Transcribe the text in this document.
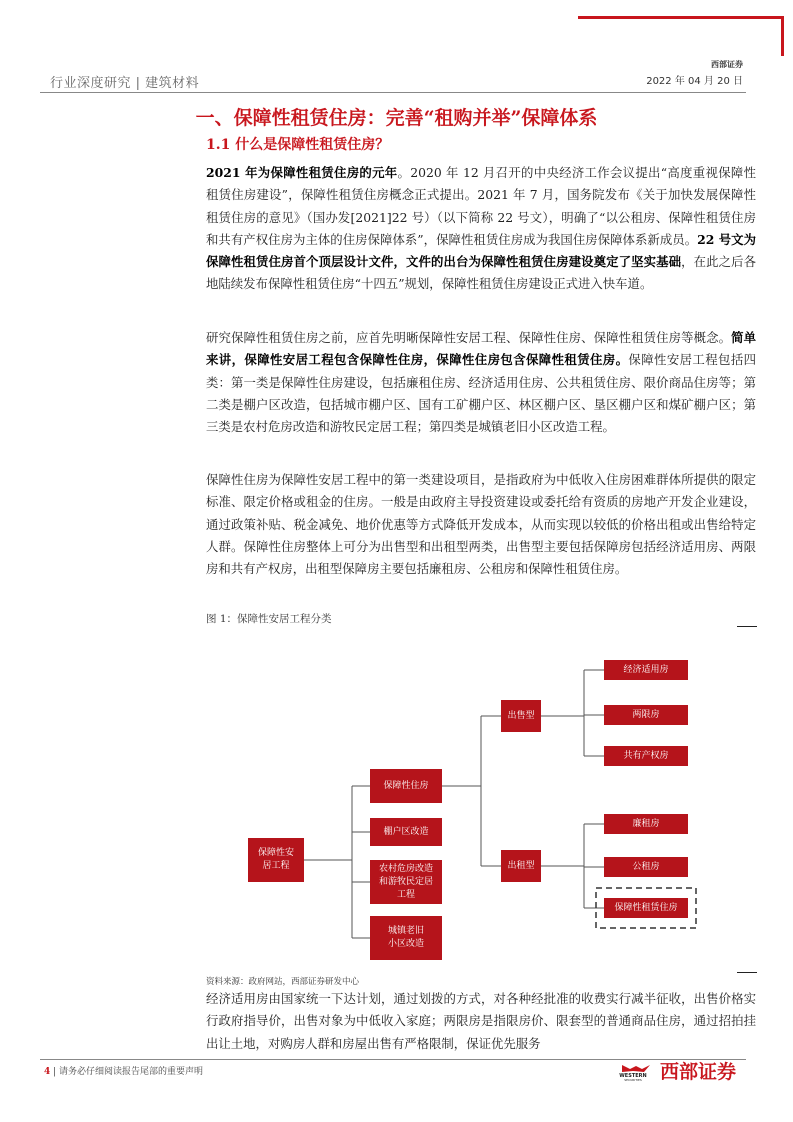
西部证券
2022 年 04 月 20 日
行业深度研究 | 建筑材料
一、保障性租赁住房：完善“租购并举”保障体系
1.1 什么是保障性租赁住房？
2021 年为保障性租赁住房的元年。2020 年 12 月召开的中央经济工作会议提出“高度重视保障性租赁住房建设”，保障性租赁住房概念正式提出。2021 年 7 月，国务院发布《关于加快发展保障性租赁住房的意见》（国办发[2021]22 号）（以下简称 22 号文），明确了“以公租房、保障性租赁住房和共有产权住房为主体的住房保障体系”，保障性租赁住房成为我国住房保障体系新成员。22 号文为保障性租赁住房首个顶层设计文件，文件的出台为保障性租赁住房建设奠定了坚实基础，在此之后各地陆续发布保障性租赁住房“十四五”规划，保障性租赁住房建设正式进入快车道。
研究保障性租赁住房之前，应首先明晰保障性安居工程、保障性住房、保障性租赁住房等概念。简单来讲，保障性安居工程包含保障性住房，保障性住房包含保障性租赁住房。保障性安居工程包括四类：第一类是保障性住房建设，包括廉租住房、经济适用住房、公共租赁住房、限价商品住房等；第二类是棚户区改造，包括城市棚户区、国有工矿棚户区、林区棚户区、垦区棚户区和煤矿棚户区；第三类是农村危房改造和游牧民定居工程；第四类是城镇老旧小区改造工程。
保障性住房为保障性安居工程中的第一类建设项目，是指政府为中低收入住房困难群体所提供的限定标准、限定价格或租金的住房。一般是由政府主导投资建设或委托给有资质的房地产开发企业建设，通过政策补贴、税金减免、地价优惠等方式降低开发成本，从而实现以较低的价格出租或出售给特定人群。保障性住房整体上可分为出售型和出租型两类，出售型主要包括保障房包括经济适用房、两限房和共有产权房，出租型保障房主要包括廉租房、公租房和保障性租赁住房。
图 1：保障性安居工程分类
保障性安居工程
保障性住房
棚户区改造
农村危房改造和游牧民定居工程
城镇老旧小区改造
出售型
出租型
经济适用房
两限房
共有产权房
廉租房
公租房
保障性租赁住房
资料来源：政府网站，西部证券研发中心
经济适用房由国家统一下达计划，通过划拨的方式，对各种经批准的收费实行减半征收，出售价格实行政府指导价，出售对象为中低收入家庭；两限房是指限房价、限套型的普通商品住房，通过招拍挂出让土地，对购房人群和房屋出售有严格限制，保证优先服务
4 | 请务必仔细阅读报告尾部的重要声明	WESTERN
SECURITIES 西部证券
